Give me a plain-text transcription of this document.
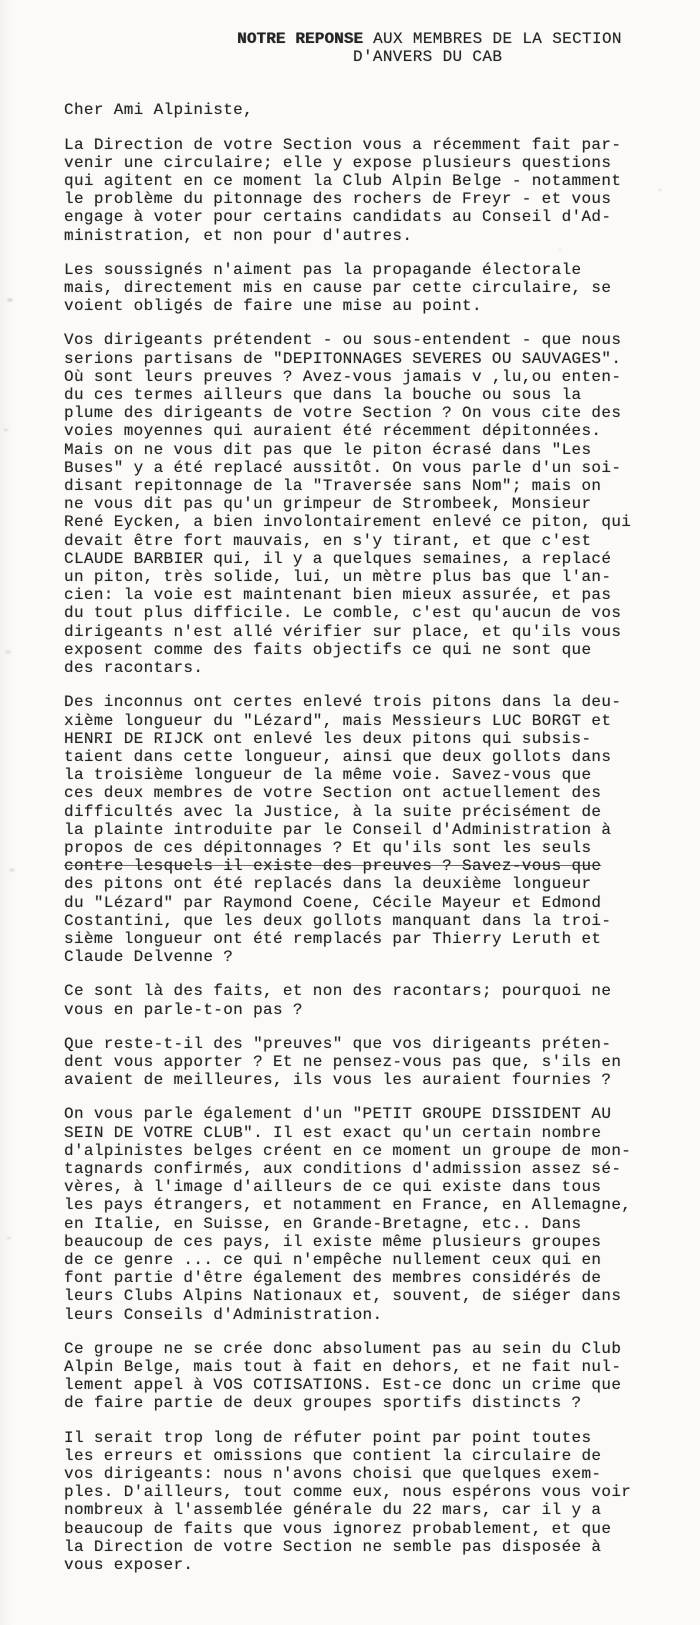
NOTRE REPONSE AUX MEMBRES DE LA SECTION
D'ANVERS DU CAB
Cher Ami Alpiniste,
La Direction de votre Section vous a récemment fait par-
venir une circulaire; elle y expose plusieurs questions
qui agitent en ce moment la Club Alpin Belge - notamment
le problème du pitonnage des rochers de Freyr - et vous
engage à voter pour certains candidats au Conseil d'Ad-
ministration, et non pour d'autres.
Les soussignés n'aiment pas la propagande électorale
mais, directement mis en cause par cette circulaire, se
voient obligés de faire une mise au point.
Vos dirigeants prétendent - ou sous-entendent - que nous
serions partisans de "DEPITONNAGES SEVERES OU SAUVAGES".
Où sont leurs preuves ? Avez-vous jamais v ,lu,ou enten-
du ces termes ailleurs que dans la bouche ou sous la
plume des dirigeants de votre Section ? On vous cite des
voies moyennes qui auraient été récemment dépitonnées.
Mais on ne vous dit pas que le piton écrasé dans "Les
Buses" y a été replacé aussitôt. On vous parle d'un soi-
disant repitonnage de la "Traversée sans Nom"; mais on
ne vous dit pas qu'un grimpeur de Strombeek, Monsieur
René Eycken, a bien involontairement enlevé ce piton, qui
devait être fort mauvais, en s'y tirant, et que c'est
CLAUDE BARBIER qui, il y a quelques semaines, a replacé
un piton, très solide, lui, un mètre plus bas que l'an-
cien: la voie est maintenant bien mieux assurée, et pas
du tout plus difficile. Le comble, c'est qu'aucun de vos
dirigeants n'est allé vérifier sur place, et qu'ils vous
exposent comme des faits objectifs ce qui ne sont que
des racontars.
Des inconnus ont certes enlevé trois pitons dans la deu-
xième longueur du "Lézard", mais Messieurs LUC BORGT et
HENRI DE RIJCK ont enlevé les deux pitons qui subsis-
taient dans cette longueur, ainsi que deux gollots dans
la troisième longueur de la même voie. Savez-vous que
ces deux membres de votre Section ont actuellement des
difficultés avec la Justice, à la suite précisément de
la plainte introduite par le Conseil d'Administration à
propos de ces dépitonnages ? Et qu'ils sont les seuls
contre lesquels il existe des preuves ? Savez-vous que
des pitons ont été replacés dans la deuxième longueur
du "Lézard" par Raymond Coene, Cécile Mayeur et Edmond
Costantini, que les deux gollots manquant dans la troi-
sième longueur ont été remplacés par Thierry Leruth et
Claude Delvenne ?
Ce sont là des faits, et non des racontars; pourquoi ne
vous en parle-t-on pas ?
Que reste-t-il des "preuves" que vos dirigeants préten-
dent vous apporter ? Et ne pensez-vous pas que, s'ils en
avaient de meilleures, ils vous les auraient fournies ?
On vous parle également d'un "PETIT GROUPE DISSIDENT AU
SEIN DE VOTRE CLUB". Il est exact qu'un certain nombre
d'alpinistes belges créent en ce moment un groupe de mon-
tagnards confirmés, aux conditions d'admission assez sé-
vères, à l'image d'ailleurs de ce qui existe dans tous
les pays étrangers, et notamment en France, en Allemagne,
en Italie, en Suisse, en Grande-Bretagne, etc.. Dans
beaucoup de ces pays, il existe même plusieurs groupes
de ce genre ... ce qui n'empêche nullement ceux qui en
font partie d'être également des membres considérés de
leurs Clubs Alpins Nationaux et, souvent, de siéger dans
leurs Conseils d'Administration.
Ce groupe ne se crée donc absolument pas au sein du Club
Alpin Belge, mais tout à fait en dehors, et ne fait nul-
lement appel à VOS COTISATIONS. Est-ce donc un crime que
de faire partie de deux groupes sportifs distincts ?
Il serait trop long de réfuter point par point toutes
les erreurs et omissions que contient la circulaire de
vos dirigeants: nous n'avons choisi que quelques exem-
ples. D'ailleurs, tout comme eux, nous espérons vous voir
nombreux à l'assemblée générale du 22 mars, car il y a
beaucoup de faits que vous ignorez probablement, et que
la Direction de votre Section ne semble pas disposée à
vous exposer.
